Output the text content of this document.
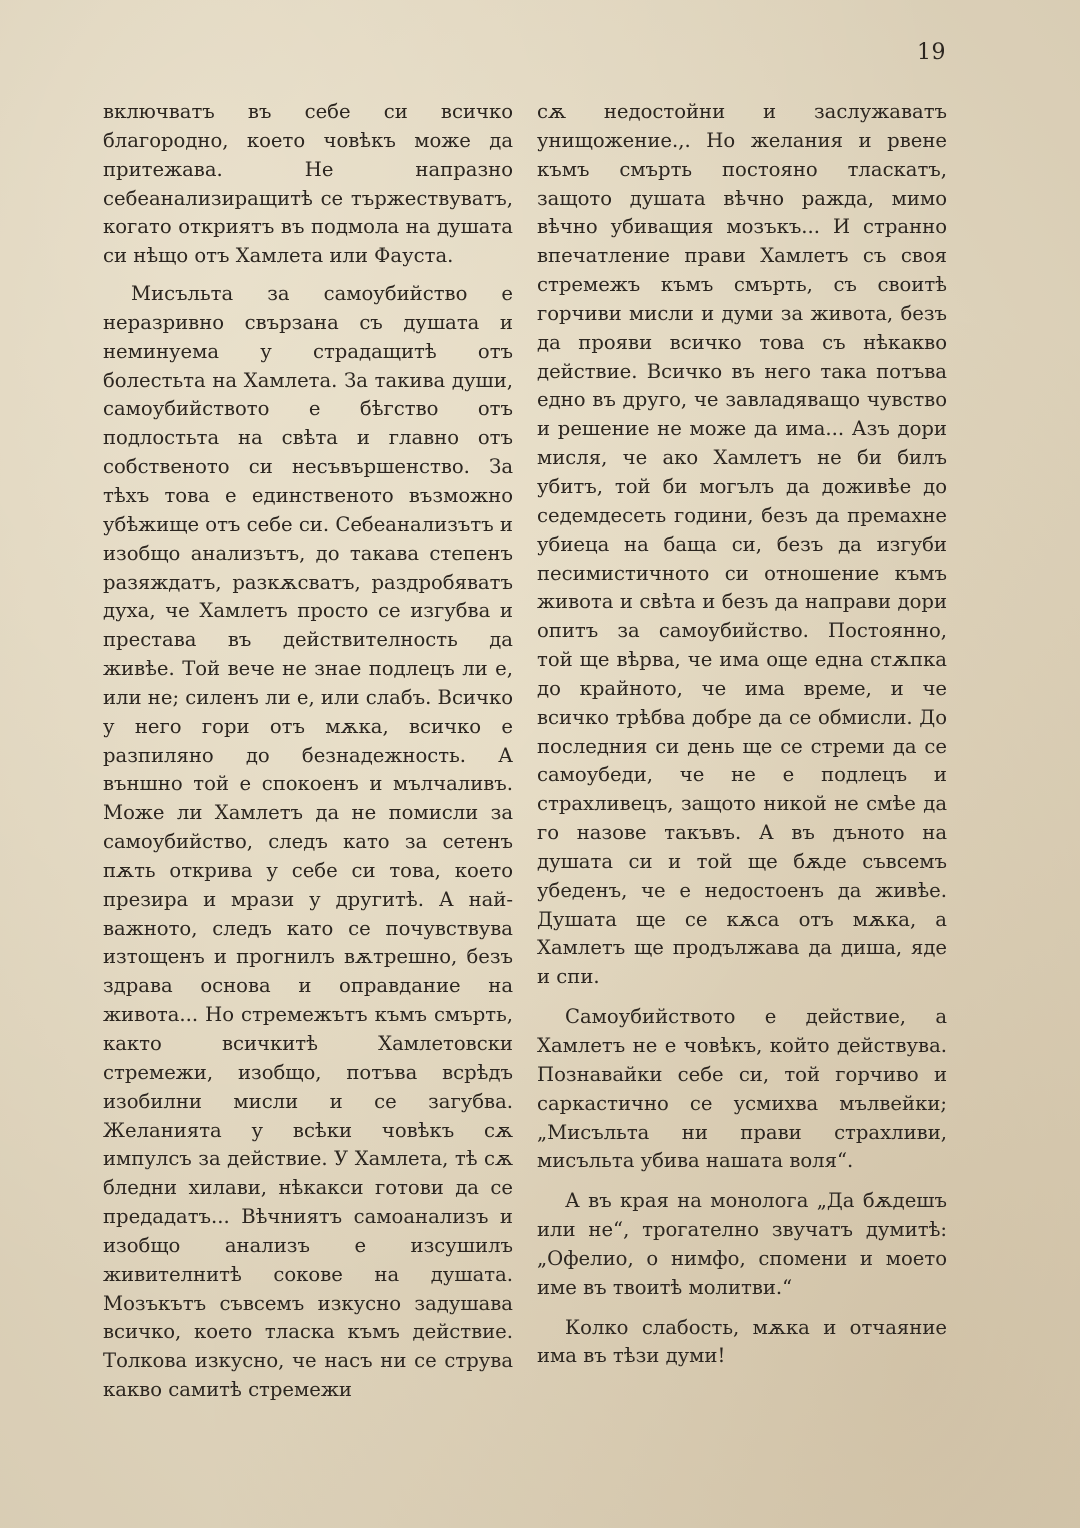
19

включватъ въ себе си всичко благородно, което човѣкъ може да притежава. Не напразно себеанализиращитѣ се тържествуватъ, когато откриятъ въ подмола на душата си нѣщо отъ Хамлета или Фауста.

Мисъльта за самоубийство е неразривно свързана съ душата и неминуема у страдащитѣ отъ болестьта на Хамлета. За такива души, самоубийството е бѣгство отъ подлостьта на свѣта и главно отъ собственото си несъвършенство. За тѣхъ това е единственото възможно убѣжище отъ себе си. Себеанализътъ и изобщо анализътъ, до такава степенъ разяждатъ, разкѫсватъ, раздробяватъ духа, че Хамлетъ просто се изгубва и престава въ действителность да живѣе. Той вече не знае подлецъ ли е, или не; силенъ ли е, или слабъ. Всичко у него гори отъ мѫка, всичко е разпиляно до безнадежность. А външно той е спокоенъ и мълчаливъ. Може ли Хамлетъ да не помисли за самоубийство, следъ като за сетенъ пѫть открива у себе си това, което презира и мрази у другитѣ. А най-важното, следъ като се почувствува изтощенъ и прогнилъ вѫтрешно, безъ здрава основа и оправдание на живота... Но стремежътъ къмъ смърть, както всичкитѣ Хамлетовски стремежи, изобщо, потъва всрѣдъ изобилни мисли и се загубва. Желанията у всѣки човѣкъ сѫ импулсъ за действие. У Хамлета, тѣ сѫ бледни хилави, нѣкакси готови да се предадатъ... Вѣчниятъ самоанализъ и изобщо анализъ е изсушилъ живителнитѣ сокове на душата. Мозъкътъ съвсемъ изкусно задушава всичко, което тласка къмъ действие. Толкова изкусно, че насъ ни се струва какво самитѣ стремежи

сѫ недостойни и заслужаватъ унищожение.,. Но желания и рвене къмъ смърть постояно тласкатъ, защото душата вѣчно ражда, мимо вѣчно убиващия мозъкъ... И странно впечатление прави Хамлетъ съ своя стремежъ къмъ смърть, съ своитѣ горчиви мисли и думи за живота, безъ да прояви всичко това съ нѣкакво действие. Всичко въ него така потъва едно въ друго, че завладяващо чувство и решение не може да има... Азъ дори мисля, че ако Хамлетъ не би билъ убитъ, той би могълъ да доживѣе до седемдесеть години, безъ да премахне убиеца на баща си, безъ да изгуби песимистичното си отношение къмъ живота и свѣта и безъ да направи дори опитъ за самоубийство. Постоянно, той ще вѣрва, че има още една стѫпка до крайното, че има време, и че всичко трѣбва добре да се обмисли. До последния си день ще се стреми да се самоубеди, че не е подлецъ и страхливецъ, защото никой не смѣе да го назове такъвъ. А въ дъното на душата си и той ще бѫде съвсемъ убеденъ, че е недостоенъ да живѣе. Душата ще се кѫса отъ мѫка, а Хамлетъ ще продължава да диша, яде и спи.

Самоубийството е действие, а Хамлетъ не е човѣкъ, който действува. Познавайки себе си, той горчиво и саркастично се усмихва мълвейки; „Мисъльта ни прави страхливи, мисъльта убива нашата воля“.

А въ края на монолога „Да бѫдешъ или не“, трогателно звучатъ думитѣ: „Офелио, о нимфо, спомени и моето име въ твоитѣ молитви.“

Колко слабость, мѫка и отчаяние има въ тѣзи думи!
